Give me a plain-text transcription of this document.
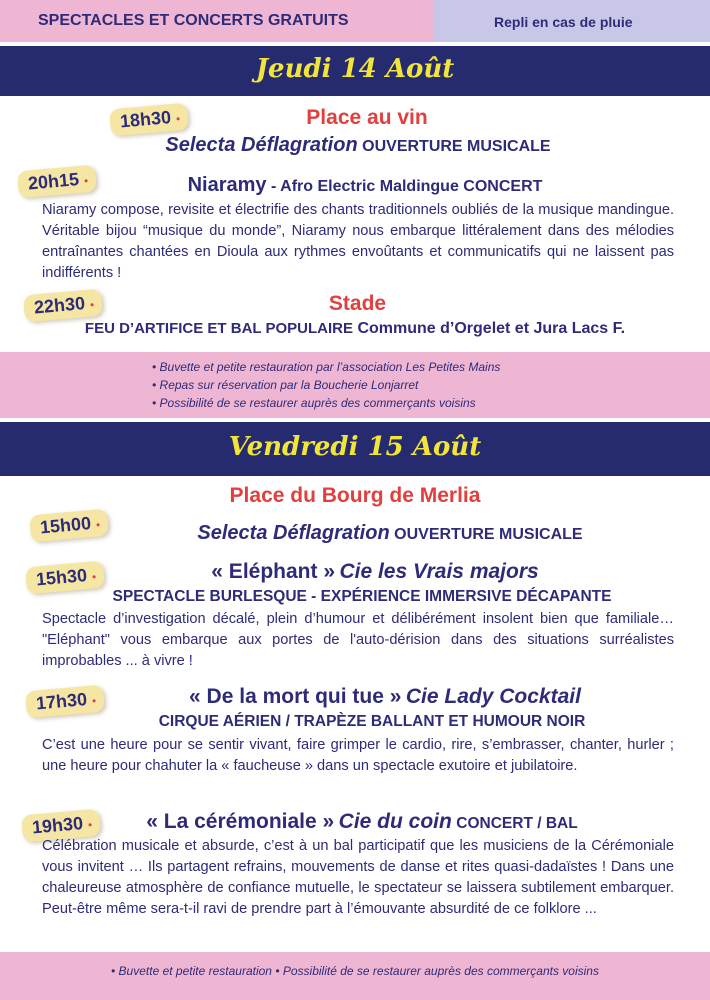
SPECTACLES ET CONCERTS GRATUITS	Repli en cas de pluie
Jeudi 14 Août
18h30 •	Place au vin
Selecta Déflagration OUVERTURE MUSICALE
20h15 •	Niaramy - Afro Electric Maldingue CONCERT
Niaramy compose, revisite et électrifie des chants traditionnels oubliés de la musique mandingue. Véritable bijou “musique du monde”, Niaramy nous embarque littéralement dans des mélodies entraînantes chantées en Dioula aux rythmes envoûtants et communicatifs qui ne laissent pas indifférents !
22h30 •	Stade
FEU D’ARTIFICE ET BAL POPULAIRE Commune d’Orgelet et Jura Lacs F.
• Buvette et petite restauration par l’association Les Petites Mains
• Repas sur réservation par la Boucherie Lonjarret
• Possibilité de se restaurer auprès des commerçants voisins
Vendredi 15 Août
Place du Bourg de Merlia
15h00 •	Selecta Déflagration OUVERTURE MUSICALE
15h30 •	« Eléphant » Cie les Vrais majors
SPECTACLE BURLESQUE - EXPÉRIENCE IMMERSIVE DÉCAPANTE
Spectacle d’investigation décalé, plein d’humour et délibérément insolent bien que familiale… "Eléphant" vous embarque aux portes de l'auto-dérision dans des situations surréalistes improbables ... à vivre !
17h30 •	« De la mort qui tue » Cie Lady Cocktail
CIRQUE AÉRIEN / TRAPÈZE BALLANT ET HUMOUR NOIR
C’est une heure pour se sentir vivant, faire grimper le cardio, rire, s’embrasser, chanter, hurler ; une heure pour chahuter la « faucheuse » dans un spectacle exutoire et jubilatoire.
19h30 •	« La cérémoniale » Cie du coin CONCERT / BAL
Célébration musicale et absurde, c’est à un bal participatif que les musiciens de la Cérémoniale vous invitent … Ils partagent refrains, mouvements de danse et rites quasi-dadaïstes ! Dans une chaleureuse atmosphère de confiance mutuelle, le spectateur se laissera subtilement embarquer. Peut-être même sera-t-il ravi de prendre part à l’émouvante absurdité de ce folklore ...
• Buvette et petite restauration • Possibilité de se restaurer auprès des commerçants voisins
